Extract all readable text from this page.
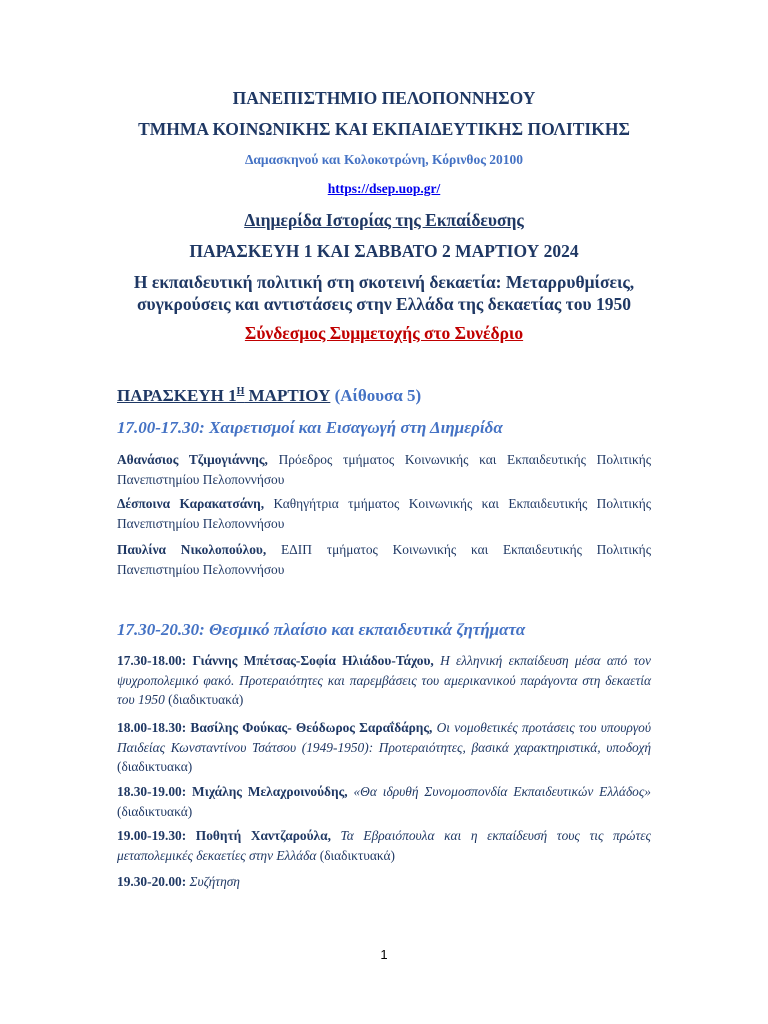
ΠΑΝΕΠΙΣΤΗΜΙΟ ΠΕΛΟΠΟΝΝΗΣΟΥ
ΤΜΗΜΑ ΚΟΙΝΩΝΙΚΗΣ ΚΑΙ ΕΚΠΑΙΔΕΥΤΙΚΗΣ ΠΟΛΙΤΙΚΗΣ
Δαμασκηνού και Κολοκοτρώνη, Κόρινθος 20100
https://dsep.uop.gr/
Διημερίδα Ιστορίας της Εκπαίδευσης
ΠΑΡΑΣΚΕΥΗ 1 ΚΑΙ ΣΑΒΒΑΤΟ 2 ΜΑΡΤΙΟΥ 2024
Η εκπαιδευτική πολιτική στη σκοτεινή δεκαετία: Μεταρρυθμίσεις,
συγκρούσεις και αντιστάσεις στην Ελλάδα της δεκαετίας του 1950
Σύνδεσμος Συμμετοχής στο Συνέδριο
ΠΑΡΑΣΚΕΥΗ $1^H$ ΜΑΡΤΙΟΥ (Αίθουσα 5)
17.00-17.30: Χαιρετισμοί και Εισαγωγή στη Διημερίδα
Αθανάσιος Τζιμογιάννης, Πρόεδρος τμήματος Κοινωνικής και Εκπαιδευτικής Πολιτικής Πανεπιστημίου Πελοποννήσου
Δέσποινα Καρακατσάνη, Καθηγήτρια τμήματος Κοινωνικής και Εκπαιδευτικής Πολιτικής Πανεπιστημίου Πελοποννήσου
Παυλίνα Νικολοπούλου, ΕΔΙΠ τμήματος Κοινωνικής και Εκπαιδευτικής Πολιτικής Πανεπιστημίου Πελοποννήσου
17.30-20.30: Θεσμικό πλαίσιο και εκπαιδευτικά ζητήματα
17.30-18.00: Γιάννης Μπέτσας-Σοφία Ηλιάδου-Τάχου, Η ελληνική εκπαίδευση μέσα από τον ψυχροπολεμικό φακό. Προτεραιότητες και παρεμβάσεις του αμερικανικού παράγοντα στη δεκαετία του 1950 (διαδικτυακά)
18.00-18.30: Βασίλης Φούκας- Θεόδωρος Σαραΐδάρης, Οι νομοθετικές προτάσεις του υπουργού Παιδείας Κωνσταντίνου Τσάτσου (1949-1950): Προτεραιότητες, βασικά χαρακτηριστικά, υποδοχή (διαδικτυακα)
18.30-19.00: Μιχάλης Μελαχροινούδης, «Θα ιδρυθή Συνομοσπονδία Εκπαιδευτικών Ελλάδος» (διαδικτυακά)
19.00-19.30: Ποθητή Χαντζαρούλα, Τα Εβραιόπουλα και η εκπαίδευσή τους τις πρώτες μεταπολεμικές δεκαετίες στην Ελλάδα (διαδικτυακά)
19.30-20.00: Συζήτηση
1
